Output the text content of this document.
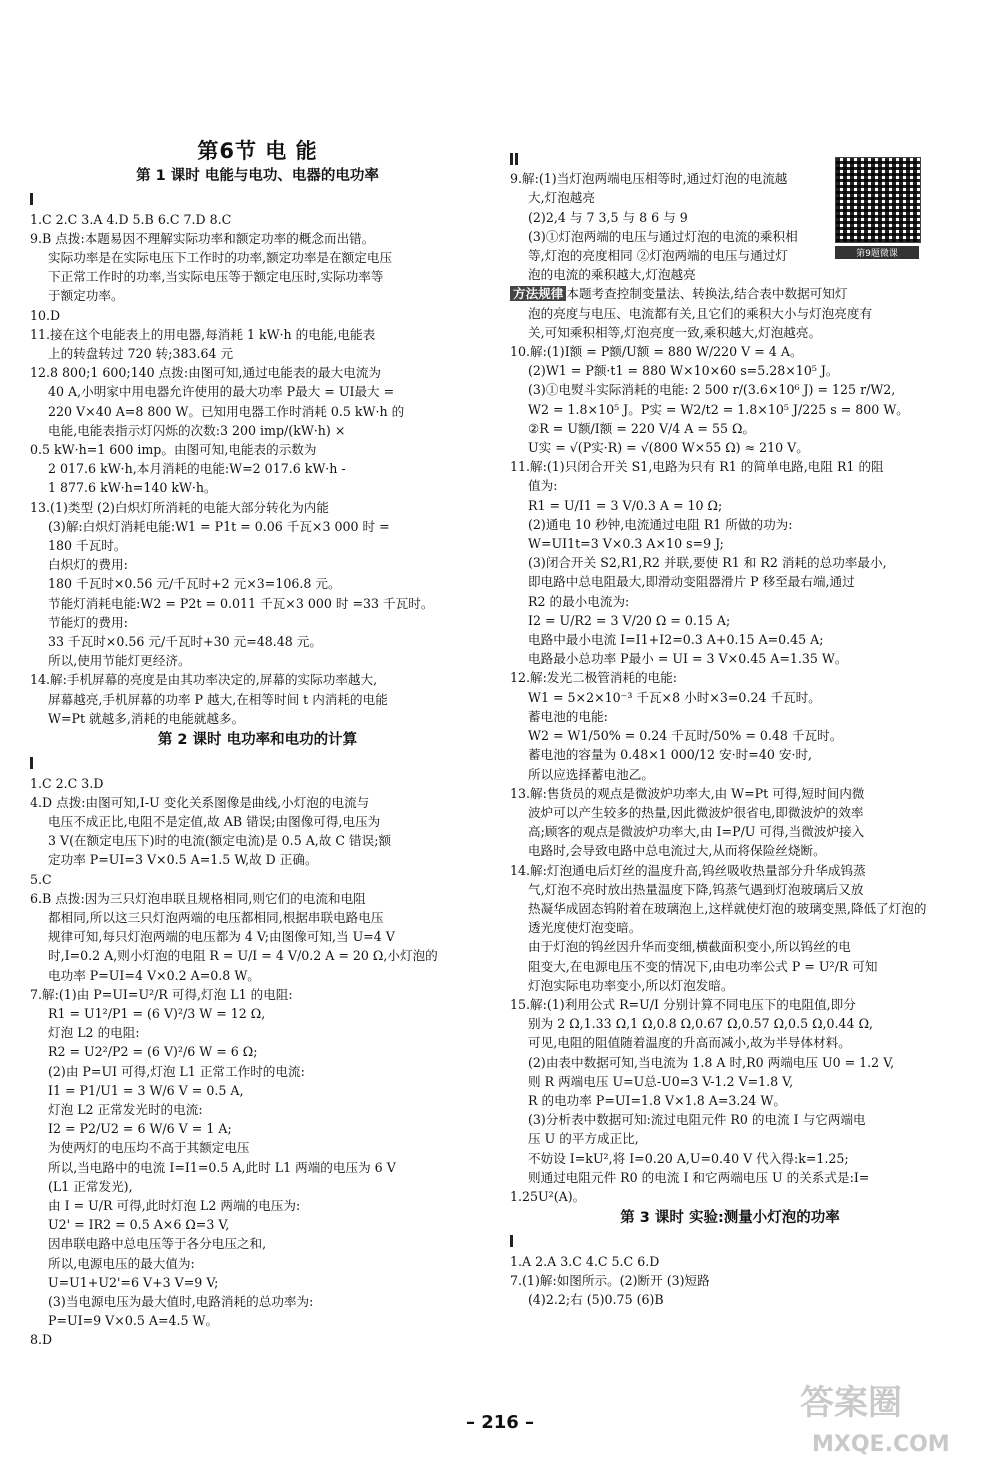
第6节 电 能
第 1 课时 电能与电功、电器的电功率
1.C 2.C 3.A 4.D 5.B 6.C 7.D 8.C
9.B 点拨:本题易因不理解实际功率和额定功率的概念而出错。
实际功率是在实际电压下工作时的功率,额定功率是在额定电压
下正常工作时的功率,当实际电压等于额定电压时,实际功率等
于额定功率。
10.D
11.接在这个电能表上的用电器,每消耗 1 kW·h 的电能,电能表
上的转盘转过 720 转;383.64 元
12.8 800;1 600;140 点拨:由图可知,通过电能表的最大电流为
40 A,小明家中用电器允许使用的最大功率 P最大 = UI最大 =
220 V×40 A=8 800 W。已知用电器工作时消耗 0.5 kW·h 的
电能,电能表指示灯闪烁的次数:3 200 imp/(kW·h) ×
0.5 kW·h=1 600 imp。由图可知,电能表的示数为
2 017.6 kW·h,本月消耗的电能:W=2 017.6 kW·h -
1 877.6 kW·h=140 kW·h。
13.(1)类型 (2)白炽灯所消耗的电能大部分转化为内能
(3)解:白炽灯消耗电能:W1 = P1t = 0.06 千瓦×3 000 时 =
180 千瓦时。
白炽灯的费用:
180 千瓦时×0.56 元/千瓦时+2 元×3=106.8 元。
节能灯消耗电能:W2 = P2t = 0.011 千瓦×3 000 时 =33 千瓦时。
节能灯的费用:
33 千瓦时×0.56 元/千瓦时+30 元=48.48 元。
所以,使用节能灯更经济。
14.解:手机屏幕的亮度是由其功率决定的,屏幕的实际功率越大,
屏幕越亮,手机屏幕的功率 P 越大,在相等时间 t 内消耗的电能
W=Pt 就越多,消耗的电能就越多。
第 2 课时 电功率和电功的计算
1.C 2.C 3.D
4.D 点拨:由图可知,I-U 变化关系图像是曲线,小灯泡的电流与
电压不成正比,电阻不是定值,故 AB 错误;由图像可得,电压为
3 V(在额定电压下)时的电流(额定电流)是 0.5 A,故 C 错误;额
定功率 P=UI=3 V×0.5 A=1.5 W,故 D 正确。
5.C
6.B 点拨:因为三只灯泡串联且规格相同,则它们的电流和电阻
都相同,所以这三只灯泡两端的电压都相同,根据串联电路电压
规律可知,每只灯泡两端的电压都为 4 V;由图像可知,当 U=4 V
时,I=0.2 A,则小灯泡的电阻 R = U/I = 4 V/0.2 A = 20 Ω,小灯泡的
电功率 P=UI=4 V×0.2 A=0.8 W。
7.解:(1)由 P=UI=U²/R 可得,灯泡 L1 的电阻:
R1 = U1²/P1 = (6 V)²/3 W = 12 Ω,
灯泡 L2 的电阻:
R2 = U2²/P2 = (6 V)²/6 W = 6 Ω;
(2)由 P=UI 可得,灯泡 L1 正常工作时的电流:
I1 = P1/U1 = 3 W/6 V = 0.5 A,
灯泡 L2 正常发光时的电流:
I2 = P2/U2 = 6 W/6 V = 1 A;
为使两灯的电压均不高于其额定电压
所以,当电路中的电流 I=I1=0.5 A,此时 L1 两端的电压为 6 V
(L1 正常发光),
由 I = U/R 可得,此时灯泡 L2 两端的电压为:
U2' = IR2 = 0.5 A×6 Ω=3 V,
因串联电路中总电压等于各分电压之和,
所以,电源电压的最大值为:
U=U1+U2'=6 V+3 V=9 V;
(3)当电源电压为最大值时,电路消耗的总功率为:
P=UI=9 V×0.5 A=4.5 W。
8.D
9.解:(1)当灯泡两端电压相等时,通过灯泡的电流越
大,灯泡越亮
(2)2,4 与 7 3,5 与 8 6 与 9
(3)①灯泡两端的电压与通过灯泡的电流的乘积相
等,灯泡的亮度相同 ②灯泡两端的电压与通过灯
泡的电流的乘积越大,灯泡越亮
方法规律 本题考查控制变量法、转换法,结合表中数据可知灯
泡的亮度与电压、电流都有关,且它们的乘积大小与灯泡亮度有
关,可知乘积相等,灯泡亮度一致,乘积越大,灯泡越亮。
10.解:(1)I额 = P额/U额 = 880 W/220 V = 4 A。
(2)W1 = P额·t1 = 880 W×10×60 s=5.28×10⁵ J。
(3)①电熨斗实际消耗的电能: 2 500 r/(3.6×10⁶ J) = 125 r/W2,
W2 = 1.8×10⁵ J。P实 = W2/t2 = 1.8×10⁵ J/225 s = 800 W。
②R = U额/I额 = 220 V/4 A = 55 Ω。
U实 = √(P实·R) = √(800 W×55 Ω) ≈ 210 V。
11.解:(1)只闭合开关 S1,电路为只有 R1 的简单电路,电阻 R1 的阻
值为:
R1 = U/I1 = 3 V/0.3 A = 10 Ω;
(2)通电 10 秒钟,电流通过电阻 R1 所做的功为:
W=UI1t=3 V×0.3 A×10 s=9 J;
(3)闭合开关 S2,R1,R2 并联,要使 R1 和 R2 消耗的总功率最小,
即电路中总电阻最大,即滑动变阻器滑片 P 移至最右端,通过
R2 的最小电流为:
I2 = U/R2 = 3 V/20 Ω = 0.15 A;
电路中最小电流 I=I1+I2=0.3 A+0.15 A=0.45 A;
电路最小总功率 P最小 = UI = 3 V×0.45 A=1.35 W。
12.解:发光二极管消耗的电能:
W1 = 5×2×10⁻³ 千瓦×8 小时×3=0.24 千瓦时。
蓄电池的电能:
W2 = W1/50% = 0.24 千瓦时/50% = 0.48 千瓦时。
蓄电池的容量为 0.48×1 000/12 安·时=40 安·时,
所以应选择蓄电池乙。
13.解:售货员的观点是微波炉功率大,由 W=Pt 可得,短时间内微
波炉可以产生较多的热量,因此微波炉很省电,即微波炉的效率
高;顾客的观点是微波炉功率大,由 I=P/U 可得,当微波炉接入
电路时,会导致电路中总电流过大,从而将保险丝烧断。
14.解:灯泡通电后灯丝的温度升高,钨丝吸收热量部分升华成钨蒸
气,灯泡不亮时放出热量温度下降,钨蒸气遇到灯泡玻璃后又放
热凝华成固态钨附着在玻璃泡上,这样就使灯泡的玻璃变黑,降低了灯泡的
透光度使灯泡变暗。
由于灯泡的钨丝因升华而变细,横截面积变小,所以钨丝的电
阻变大,在电源电压不变的情况下,由电功率公式 P = U²/R 可知
灯泡实际电功率变小,所以灯泡发暗。
15.解:(1)利用公式 R=U/I 分别计算不同电压下的电阻值,即分
别为 2 Ω,1.33 Ω,1 Ω,0.8 Ω,0.67 Ω,0.57 Ω,0.5 Ω,0.44 Ω,
可见,电阻的阻值随着温度的升高而减小,故为半导体材料。
(2)由表中数据可知,当电流为 1.8 A 时,R0 两端电压 U0 = 1.2 V,
则 R 两端电压 U=U总-U0=3 V-1.2 V=1.8 V,
R 的电功率 P=UI=1.8 V×1.8 A=3.24 W。
(3)分析表中数据可知:流过电阻元件 R0 的电流 I 与它两端电
压 U 的平方成正比,
不妨设 I=kU²,将 I=0.20 A,U=0.40 V 代入得:k=1.25;
则通过电阻元件 R0 的电流 I 和它两端电压 U 的关系式是:I=
1.25U²(A)。
第 3 课时 实验:测量小灯泡的功率
1.A 2.A 3.C 4.C 5.C 6.D
7.(1)解:如图所示。(2)断开 (3)短路
(4)2.2;右 (5)0.75 (6)B
第9题微课
– 216 –	答案圈
MXQE.COM
